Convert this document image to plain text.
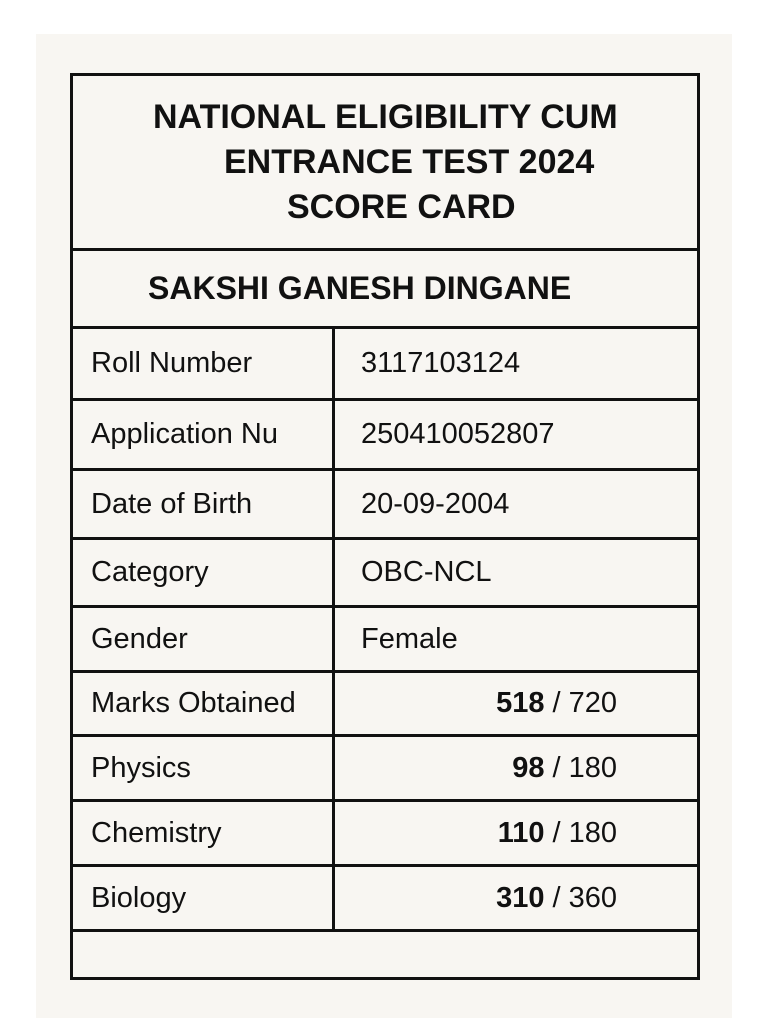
NATIONAL ELIGIBILITY CUM
ENTRANCE TEST 2024
SCORE CARD
SAKSHI GANESH DINGANE
Roll Number	3117103124
Application Nu	250410052807
Date of Birth	20-09-2004
Category	OBC-NCL
Gender	Female
Marks Obtained	518 / 720
Physics	98 / 180
Chemistry	110 / 180
Biology	310 / 360
